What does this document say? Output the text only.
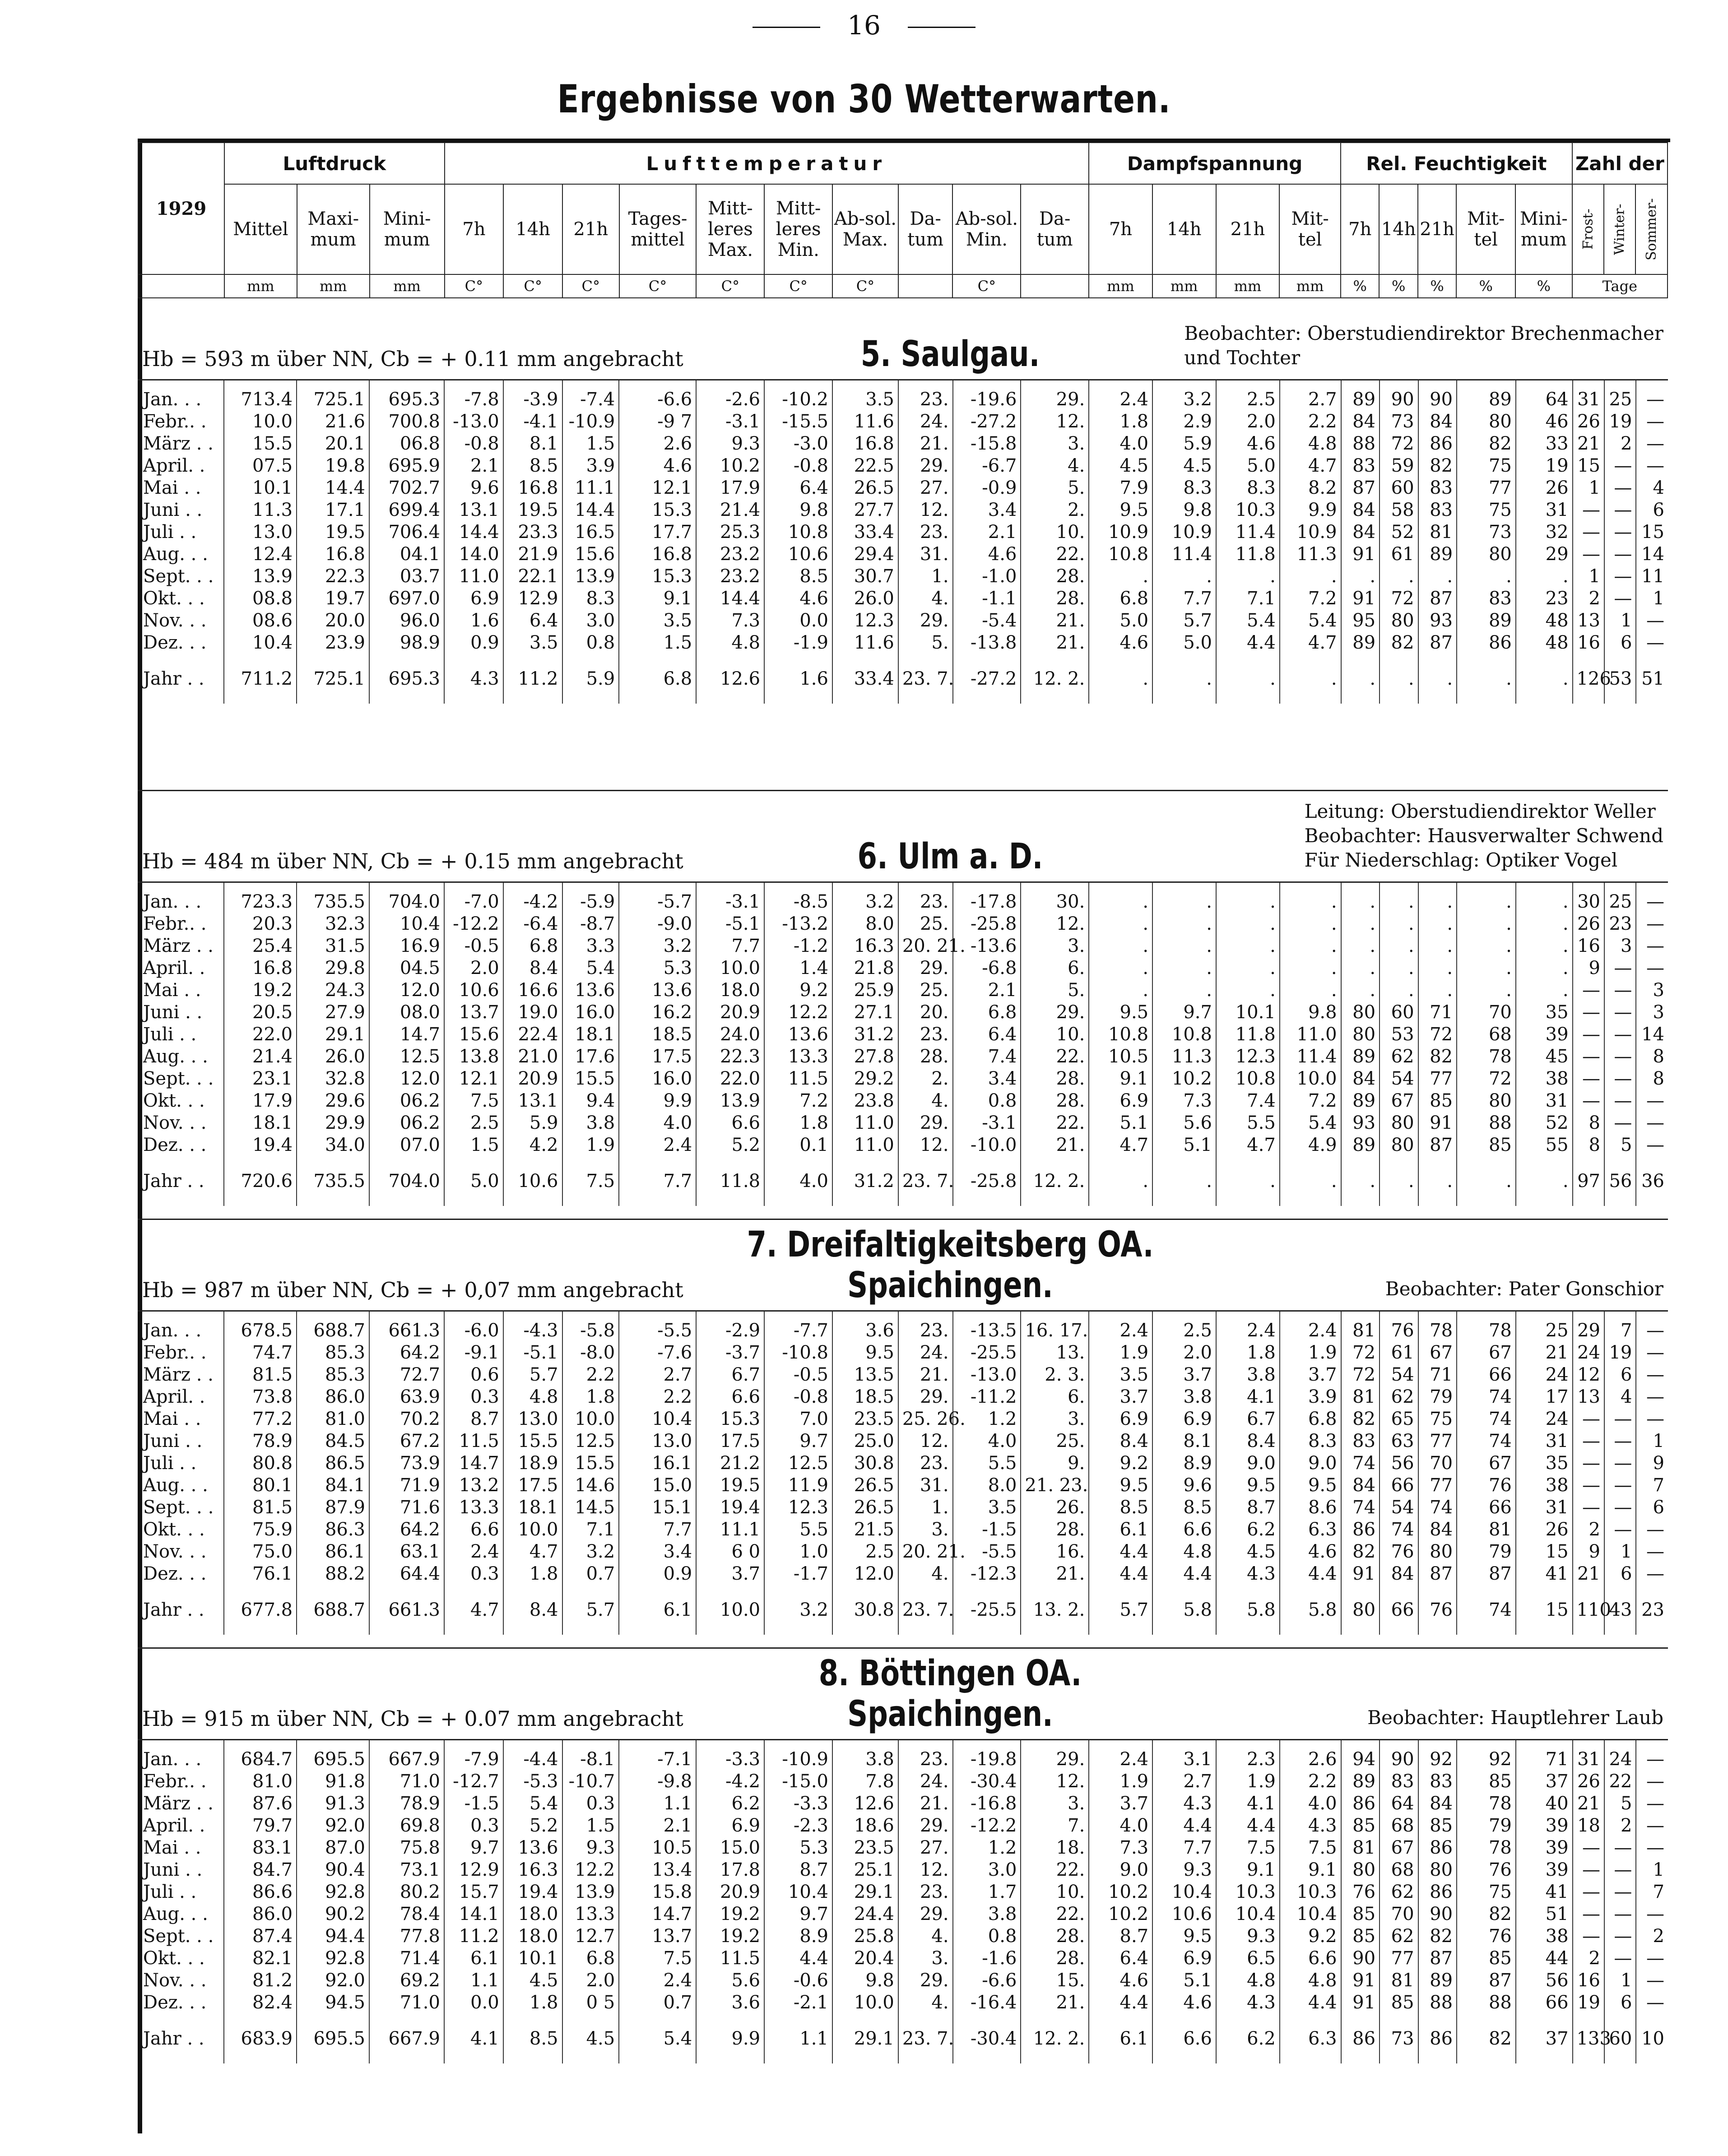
16
Ergebnisse von 30 Wetterwarten.
1929	Luftdruck			Lufttemperatur										Dampfspannung				Rel. Feuchtigkeit					Zahl der		
	Mittel	Maxi-mum	Mini-mum	7h	14h	21h	Tages-mittel	Mitt-leres Max.	Mitt-leres Min.	Ab-sol. Max.	Da-tum	Ab-sol. Min.	Da-tum	7h	14h	21h	Mit-tel	7h	14h	21h	Mit-tel	Mini-mum	Frost-	Winter-	Sommer-
	mm	mm	mm	C°	C°	C°	C°	C°	C°	C°		C°		mm	mm	mm	mm	%	%	%	%	%	Tage		
Hb = 593 m über NN, Cb = + 0.11 mm angebracht	5. Saulgau.
Beobachter: Oberstudiendirektor Brechenmacher
und Tochter
Jan. . .	713.4	725.1	695.3	-7.8	-3.9	-7.4	-6.6	-2.6	-10.2	3.5	23.	-19.6	29.	2.4	3.2	2.5	2.7	89	90	90	89	64	31	25	—
Febr.. .	10.0	21.6	700.8	-13.0	-4.1	-10.9	-9 7	-3.1	-15.5	11.6	24.	-27.2	12.	1.8	2.9	2.0	2.2	84	73	84	80	46	26	19	—
März . .	15.5	20.1	06.8	-0.8	8.1	1.5	2.6	9.3	-3.0	16.8	21.	-15.8	3.	4.0	5.9	4.6	4.8	88	72	86	82	33	21	2	—
April. .	07.5	19.8	695.9	2.1	8.5	3.9	4.6	10.2	-0.8	22.5	29.	-6.7	4.	4.5	4.5	5.0	4.7	83	59	82	75	19	15	—	—
Mai . .	10.1	14.4	702.7	9.6	16.8	11.1	12.1	17.9	6.4	26.5	27.	-0.9	5.	7.9	8.3	8.3	8.2	87	60	83	77	26	1	—	4
Juni . .	11.3	17.1	699.4	13.1	19.5	14.4	15.3	21.4	9.8	27.7	12.	3.4	2.	9.5	9.8	10.3	9.9	84	58	83	75	31	—	—	6
Juli . .	13.0	19.5	706.4	14.4	23.3	16.5	17.7	25.3	10.8	33.4	23.	2.1	10.	10.9	10.9	11.4	10.9	84	52	81	73	32	—	—	15
Aug. . .	12.4	16.8	04.1	14.0	21.9	15.6	16.8	23.2	10.6	29.4	31.	4.6	22.	10.8	11.4	11.8	11.3	91	61	89	80	29	—	—	14
Sept. . .	13.9	22.3	03.7	11.0	22.1	13.9	15.3	23.2	8.5	30.7	1.	-1.0	28.	.	.	.	.	.	.	.	.	.	1	—	11
Okt. . .	08.8	19.7	697.0	6.9	12.9	8.3	9.1	14.4	4.6	26.0	4.	-1.1	28.	6.8	7.7	7.1	7.2	91	72	87	83	23	2	—	1
Nov. . .	08.6	20.0	96.0	1.6	6.4	3.0	3.5	7.3	0.0	12.3	29.	-5.4	21.	5.0	5.7	5.4	5.4	95	80	93	89	48	13	1	—
Dez. . .	10.4	23.9	98.9	0.9	3.5	0.8	1.5	4.8	-1.9	11.6	5.	-13.8	21.	4.6	5.0	4.4	4.7	89	82	87	86	48	16	6	—
Jahr . .	711.2	725.1	695.3	4.3	11.2	5.9	6.8	12.6	1.6	33.4	23. 7.	-27.2	12. 2.	.	.	.	.	.	.	.	.	.	126	53	51
Hb = 484 m über NN, Cb = + 0.15 mm angebracht	6. Ulm a. D.
Leitung: Oberstudiendirektor Weller
Beobachter: Hausverwalter Schwend
Für Niederschlag: Optiker Vogel
Jan. . .	723.3	735.5	704.0	-7.0	-4.2	-5.9	-5.7	-3.1	-8.5	3.2	23.	-17.8	30.	.	.	.	.	.	.	.	.	.	30	25	—
Febr.. .	20.3	32.3	10.4	-12.2	-6.4	-8.7	-9.0	-5.1	-13.2	8.0	25.	-25.8	12.	.	.	.	.	.	.	.	.	.	26	23	—
März . .	25.4	31.5	16.9	-0.5	6.8	3.3	3.2	7.7	-1.2	16.3	20. 21.	-13.6	3.	.	.	.	.	.	.	.	.	.	16	3	—
April. .	16.8	29.8	04.5	2.0	8.4	5.4	5.3	10.0	1.4	21.8	29.	-6.8	6.	.	.	.	.	.	.	.	.	.	9	—	—
Mai . .	19.2	24.3	12.0	10.6	16.6	13.6	13.6	18.0	9.2	25.9	25.	2.1	5.	.	.	.	.	.	.	.	.	.	—	—	3
Juni . .	20.5	27.9	08.0	13.7	19.0	16.0	16.2	20.9	12.2	27.1	20.	6.8	29.	9.5	9.7	10.1	9.8	80	60	71	70	35	—	—	3
Juli . .	22.0	29.1	14.7	15.6	22.4	18.1	18.5	24.0	13.6	31.2	23.	6.4	10.	10.8	10.8	11.8	11.0	80	53	72	68	39	—	—	14
Aug. . .	21.4	26.0	12.5	13.8	21.0	17.6	17.5	22.3	13.3	27.8	28.	7.4	22.	10.5	11.3	12.3	11.4	89	62	82	78	45	—	—	8
Sept. . .	23.1	32.8	12.0	12.1	20.9	15.5	16.0	22.0	11.5	29.2	2.	3.4	28.	9.1	10.2	10.8	10.0	84	54	77	72	38	—	—	8
Okt. . .	17.9	29.6	06.2	7.5	13.1	9.4	9.9	13.9	7.2	23.8	4.	0.8	28.	6.9	7.3	7.4	7.2	89	67	85	80	31	—	—	—
Nov. . .	18.1	29.9	06.2	2.5	5.9	3.8	4.0	6.6	1.8	11.0	29.	-3.1	22.	5.1	5.6	5.5	5.4	93	80	91	88	52	8	—	—
Dez. . .	19.4	34.0	07.0	1.5	4.2	1.9	2.4	5.2	0.1	11.0	12.	-10.0	21.	4.7	5.1	4.7	4.9	89	80	87	85	55	8	5	—
Jahr . .	720.6	735.5	704.0	5.0	10.6	7.5	7.7	11.8	4.0	31.2	23. 7.	-25.8	12. 2.	.	.	.	.	.	.	.	.	.	97	56	36
Hb = 987 m über NN, Cb = + 0,07 mm angebracht
7. Dreifaltigkeitsberg OA. Spaichingen.	Beobachter: Pater Gonschior
Jan. . .	678.5	688.7	661.3	-6.0	-4.3	-5.8	-5.5	-2.9	-7.7	3.6	23.	-13.5	16. 17.	2.4	2.5	2.4	2.4	81	76	78	78	25	29	7	—
Febr.. .	74.7	85.3	64.2	-9.1	-5.1	-8.0	-7.6	-3.7	-10.8	9.5	24.	-25.5	13.	1.9	2.0	1.8	1.9	72	61	67	67	21	24	19	—
März . .	81.5	85.3	72.7	0.6	5.7	2.2	2.7	6.7	-0.5	13.5	21.	-13.0	2. 3.	3.5	3.7	3.8	3.7	72	54	71	66	24	12	6	—
April. .	73.8	86.0	63.9	0.3	4.8	1.8	2.2	6.6	-0.8	18.5	29.	-11.2	6.	3.7	3.8	4.1	3.9	81	62	79	74	17	13	4	—
Mai . .	77.2	81.0	70.2	8.7	13.0	10.0	10.4	15.3	7.0	23.5	25. 26.	1.2	3.	6.9	6.9	6.7	6.8	82	65	75	74	24	—	—	—
Juni . .	78.9	84.5	67.2	11.5	15.5	12.5	13.0	17.5	9.7	25.0	12.	4.0	25.	8.4	8.1	8.4	8.3	83	63	77	74	31	—	—	1
Juli . .	80.8	86.5	73.9	14.7	18.9	15.5	16.1	21.2	12.5	30.8	23.	5.5	9.	9.2	8.9	9.0	9.0	74	56	70	67	35	—	—	9
Aug. . .	80.1	84.1	71.9	13.2	17.5	14.6	15.0	19.5	11.9	26.5	31.	8.0	21. 23.	9.5	9.6	9.5	9.5	84	66	77	76	38	—	—	7
Sept. . .	81.5	87.9	71.6	13.3	18.1	14.5	15.1	19.4	12.3	26.5	1.	3.5	26.	8.5	8.5	8.7	8.6	74	54	74	66	31	—	—	6
Okt. . .	75.9	86.3	64.2	6.6	10.0	7.1	7.7	11.1	5.5	21.5	3.	-1.5	28.	6.1	6.6	6.2	6.3	86	74	84	81	26	2	—	—
Nov. . .	75.0	86.1	63.1	2.4	4.7	3.2	3.4	6 0	1.0	2.5	20. 21.	-5.5	16.	4.4	4.8	4.5	4.6	82	76	80	79	15	9	1	—
Dez. . .	76.1	88.2	64.4	0.3	1.8	0.7	0.9	3.7	-1.7	12.0	4.	-12.3	21.	4.4	4.4	4.3	4.4	91	84	87	87	41	21	6	—
Jahr . .	677.8	688.7	661.3	4.7	8.4	5.7	6.1	10.0	3.2	30.8	23. 7.	-25.5	13. 2.	5.7	5.8	5.8	5.8	80	66	76	74	15	110	43	23
Hb = 915 m über NN, Cb = + 0.07 mm angebracht
8. Böttingen OA. Spaichingen.	Beobachter: Hauptlehrer Laub
Jan. . .	684.7	695.5	667.9	-7.9	-4.4	-8.1	-7.1	-3.3	-10.9	3.8	23.	-19.8	29.	2.4	3.1	2.3	2.6	94	90	92	92	71	31	24	—
Febr.. .	81.0	91.8	71.0	-12.7	-5.3	-10.7	-9.8	-4.2	-15.0	7.8	24.	-30.4	12.	1.9	2.7	1.9	2.2	89	83	83	85	37	26	22	—
März . .	87.6	91.3	78.9	-1.5	5.4	0.3	1.1	6.2	-3.3	12.6	21.	-16.8	3.	3.7	4.3	4.1	4.0	86	64	84	78	40	21	5	—
April. .	79.7	92.0	69.8	0.3	5.2	1.5	2.1	6.9	-2.3	18.6	29.	-12.2	7.	4.0	4.4	4.4	4.3	85	68	85	79	39	18	2	—
Mai . .	83.1	87.0	75.8	9.7	13.6	9.3	10.5	15.0	5.3	23.5	27.	1.2	18.	7.3	7.7	7.5	7.5	81	67	86	78	39	—	—	—
Juni . .	84.7	90.4	73.1	12.9	16.3	12.2	13.4	17.8	8.7	25.1	12.	3.0	22.	9.0	9.3	9.1	9.1	80	68	80	76	39	—	—	1
Juli . .	86.6	92.8	80.2	15.7	19.4	13.9	15.8	20.9	10.4	29.1	23.	1.7	10.	10.2	10.4	10.3	10.3	76	62	86	75	41	—	—	7
Aug. . .	86.0	90.2	78.4	14.1	18.0	13.3	14.7	19.2	9.7	24.4	29.	3.8	22.	10.2	10.6	10.4	10.4	85	70	90	82	51	—	—	—
Sept. . .	87.4	94.4	77.8	11.2	18.0	12.7	13.7	19.2	8.9	25.8	4.	0.8	28.	8.7	9.5	9.3	9.2	85	62	82	76	38	—	—	2
Okt. . .	82.1	92.8	71.4	6.1	10.1	6.8	7.5	11.5	4.4	20.4	3.	-1.6	28.	6.4	6.9	6.5	6.6	90	77	87	85	44	2	—	—
Nov. . .	81.2	92.0	69.2	1.1	4.5	2.0	2.4	5.6	-0.6	9.8	29.	-6.6	15.	4.6	5.1	4.8	4.8	91	81	89	87	56	16	1	—
Dez. . .	82.4	94.5	71.0	0.0	1.8	0 5	0.7	3.6	-2.1	10.0	4.	-16.4	21.	4.4	4.6	4.3	4.4	91	85	88	88	66	19	6	—
Jahr . .	683.9	695.5	667.9	4.1	8.5	4.5	5.4	9.9	1.1	29.1	23. 7.	-30.4	12. 2.	6.1	6.6	6.2	6.3	86	73	86	82	37	133	60	10
